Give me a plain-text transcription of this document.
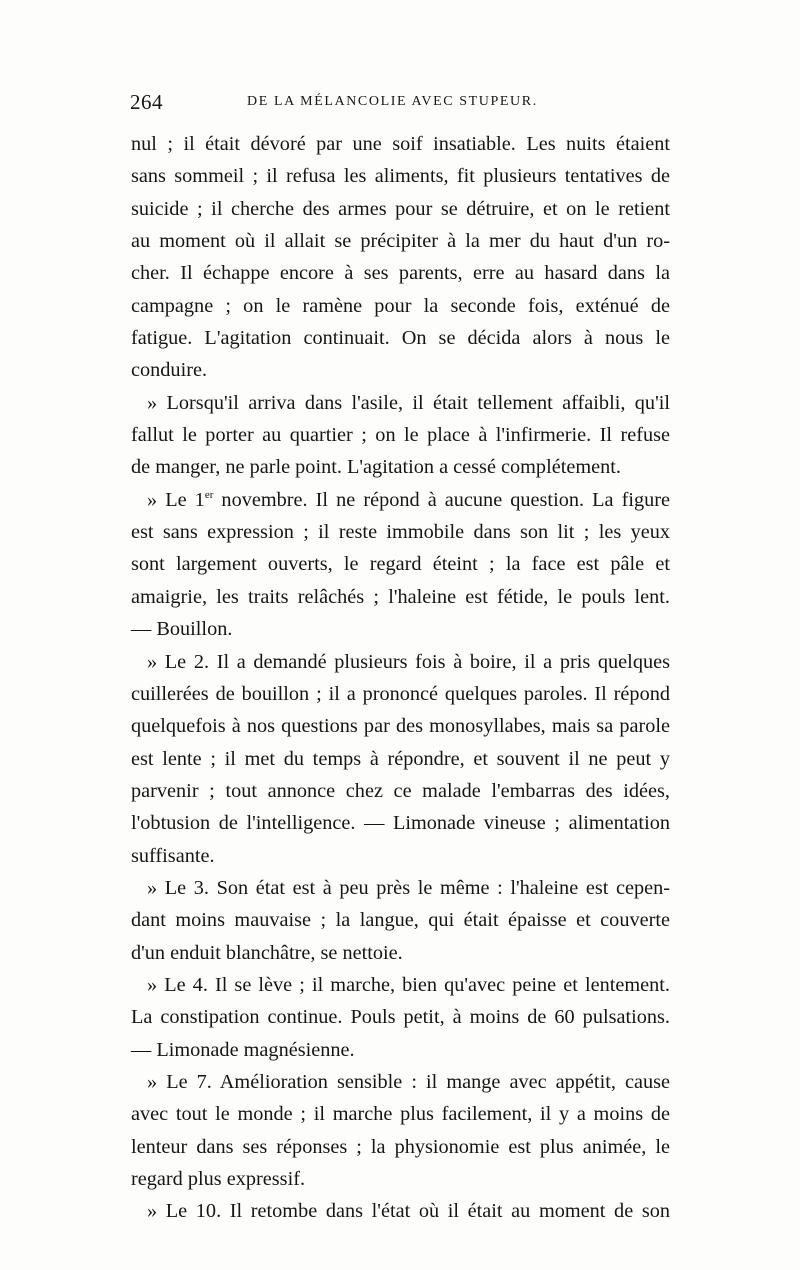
264	DE LA MÉLANCOLIE AVEC STUPEUR.
nul ; il était dévoré par une soif insatiable. Les nuits étaient
sans sommeil ; il refusa les aliments, fit plusieurs tentatives de
suicide ; il cherche des armes pour se détruire, et on le retient
au moment où il allait se précipiter à la mer du haut d'un ro-
cher. Il échappe encore à ses parents, erre au hasard dans la
campagne ; on le ramène pour la seconde fois, exténué de
fatigue. L'agitation continuait. On se décida alors à nous le
conduire.
» Lorsqu'il arriva dans l'asile, il était tellement affaibli, qu'il
fallut le porter au quartier ; on le place à l'infirmerie. Il refuse
de manger, ne parle point. L'agitation a cessé complétement.
» Le 1er novembre. Il ne répond à aucune question. La figure
est sans expression ; il reste immobile dans son lit ; les yeux
sont largement ouverts, le regard éteint ; la face est pâle et
amaigrie, les traits relâchés ; l'haleine est fétide, le pouls lent.
— Bouillon.
» Le 2. Il a demandé plusieurs fois à boire, il a pris quelques
cuillerées de bouillon ; il a prononcé quelques paroles. Il répond
quelquefois à nos questions par des monosyllabes, mais sa parole
est lente ; il met du temps à répondre, et souvent il ne peut y
parvenir ; tout annonce chez ce malade l'embarras des idées,
l'obtusion de l'intelligence. — Limonade vineuse ; alimentation
suffisante.
» Le 3. Son état est à peu près le même : l'haleine est cepen-
dant moins mauvaise ; la langue, qui était épaisse et couverte
d'un enduit blanchâtre, se nettoie.
» Le 4. Il se lève ; il marche, bien qu'avec peine et lentement.
La constipation continue. Pouls petit, à moins de 60 pulsations.
— Limonade magnésienne.
» Le 7. Amélioration sensible : il mange avec appétit, cause
avec tout le monde ; il marche plus facilement, il y a moins de
lenteur dans ses réponses ; la physionomie est plus animée, le
regard plus expressif.
» Le 10. Il retombe dans l'état où il était au moment de son
